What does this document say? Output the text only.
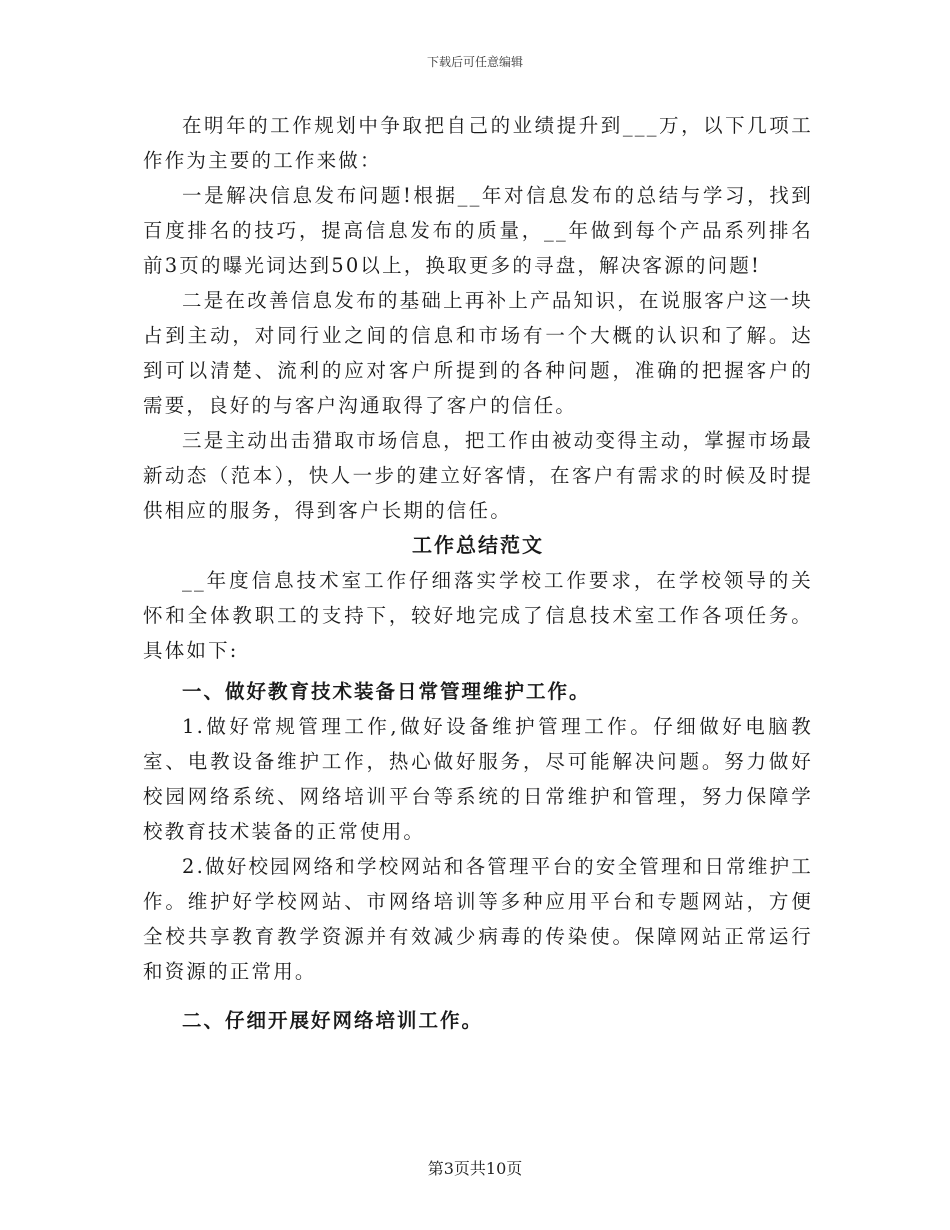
下载后可任意编辑

在明年的工作规划中争取把自己的业绩提升到___万，以下几项工作作为主要的工作来做：

一是解决信息发布问题!根据__年对信息发布的总结与学习，找到百度排名的技巧，提高信息发布的质量，__年做到每个产品系列排名前3页的曝光词达到50以上，换取更多的寻盘，解决客源的问题!

二是在改善信息发布的基础上再补上产品知识，在说服客户这一块占到主动，对同行业之间的信息和市场有一个大概的认识和了解。达到可以清楚、流利的应对客户所提到的各种问题，准确的把握客户的需要，良好的与客户沟通取得了客户的信任。

三是主动出击猎取市场信息，把工作由被动变得主动，掌握市场最新动态（范本），快人一步的建立好客情，在客户有需求的时候及时提供相应的服务，得到客户长期的信任。

工作总结范文

__年度信息技术室工作仔细落实学校工作要求，在学校领导的关怀和全体教职工的支持下，较好地完成了信息技术室工作各项任务。具体如下:

一、做好教育技术装备日常管理维护工作。

1.做好常规管理工作,做好设备维护管理工作。仔细做好电脑教室、电教设备维护工作，热心做好服务，尽可能解决问题。努力做好校园网络系统、网络培训平台等系统的日常维护和管理，努力保障学校教育技术装备的正常使用。

2.做好校园网络和学校网站和各管理平台的安全管理和日常维护工作。维护好学校网站、市网络培训等多种应用平台和专题网站，方便全校共享教育教学资源并有效减少病毒的传染使。保障网站正常运行和资源的正常用。

二、仔细开展好网络培训工作。

第3页共10页
